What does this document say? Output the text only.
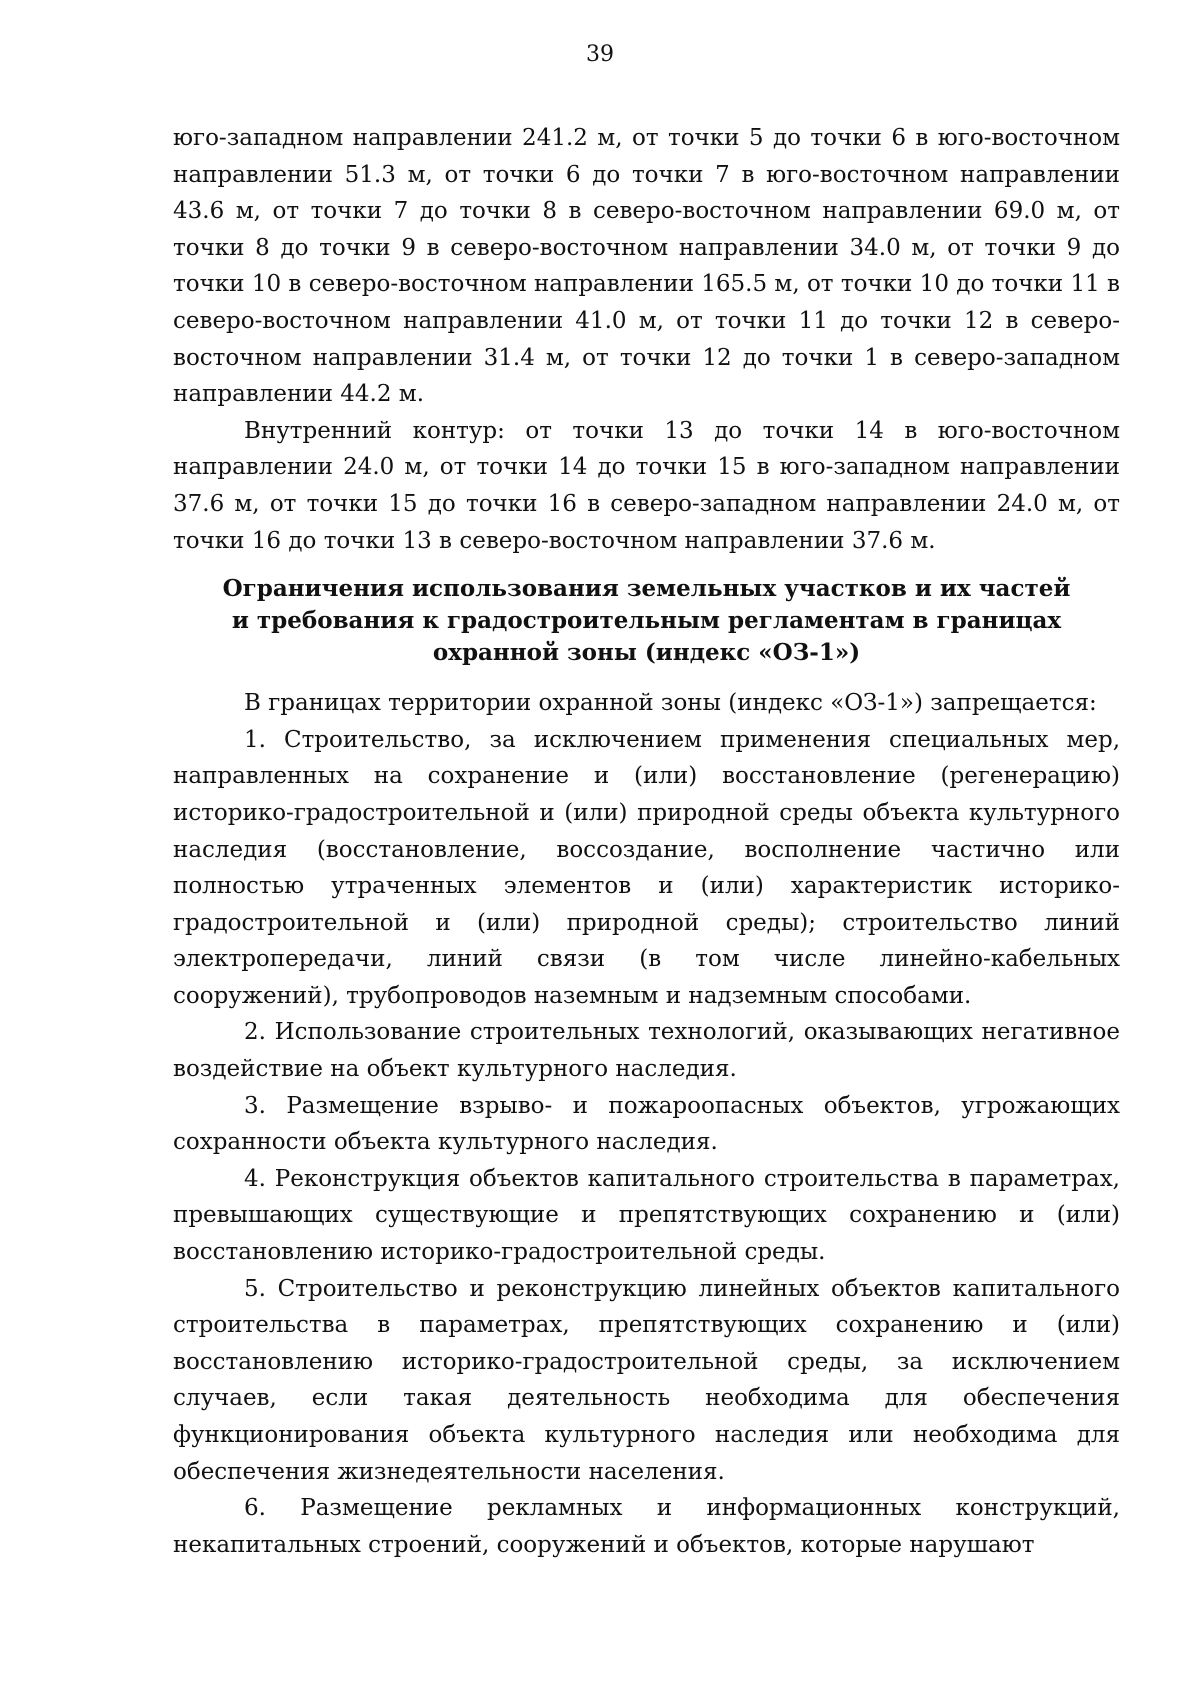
39

юго-западном направлении 241.2 м, от точки 5 до точки 6 в юго-восточном направлении 51.3 м, от точки 6 до точки 7 в юго-восточном направлении 43.6 м, от точки 7 до точки 8 в северо-восточном направлении 69.0 м, от точки 8 до точки 9 в северо-восточном направлении 34.0 м, от точки 9 до точки 10 в северо-восточном направлении 165.5 м, от точки 10 до точки 11 в северо-восточном направлении 41.0 м, от точки 11 до точки 12 в северо-восточном направлении 31.4 м, от точки 12 до точки 1 в северо-западном направлении 44.2 м.

Внутренний контур: от точки 13 до точки 14 в юго-восточном направлении 24.0 м, от точки 14 до точки 15 в юго-западном направлении 37.6 м, от точки 15 до точки 16 в северо-западном направлении 24.0 м, от точки 16 до точки 13 в северо-восточном направлении 37.6 м.

Ограничения использования земельных участков и их частей
и требования к градостроительным регламентам в границах
охранной зоны (индекс «ОЗ-1»)

В границах территории охранной зоны (индекс «ОЗ-1») запрещается:

1. Строительство, за исключением применения специальных мер, направленных на сохранение и (или) восстановление (регенерацию) историко-градостроительной и (или) природной среды объекта культурного наследия (восстановление, воссоздание, восполнение частично или полностью утраченных элементов и (или) характеристик историко-градостроительной и (или) природной среды); строительство линий электропередачи, линий связи (в том числе линейно-кабельных сооружений), трубопроводов наземным и надземным способами.

2. Использование строительных технологий, оказывающих негативное воздействие на объект культурного наследия.

3. Размещение взрыво- и пожароопасных объектов, угрожающих сохранности объекта культурного наследия.

4. Реконструкция объектов капитального строительства в параметрах, превышающих существующие и препятствующих сохранению и (или) восстановлению историко-градостроительной среды.

5. Строительство и реконструкцию линейных объектов капитального строительства в параметрах, препятствующих сохранению и (или) восстановлению историко-градостроительной среды, за исключением случаев, если такая деятельность необходима для обеспечения функционирования объекта культурного наследия или необходима для обеспечения жизнедеятельности населения.

6. Размещение рекламных и информационных конструкций, некапитальных строений, сооружений и объектов, которые нарушают
